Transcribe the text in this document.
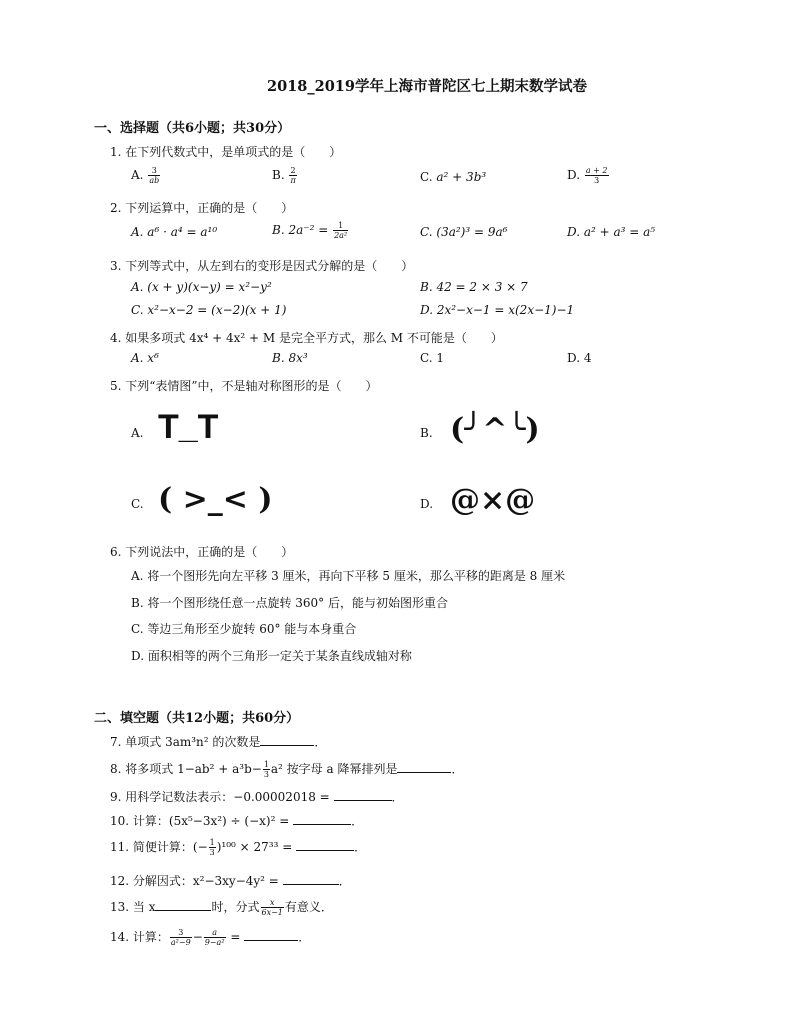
2018_2019学年上海市普陀区七上期末数学试卷
一、选择题（共6小题；共30分）
1. 在下列代数式中，是单项式的是（　　）
A. $\frac{3}{ab}$	B. $\frac{2}{\pi}$	C. a² + 3b³	D. $\frac{a + 2}{3}$
2. 下列运算中，正确的是（　　）
A. a⁶ · a⁴ = a¹⁰	B. $2a^{-2} = \frac{1}{\text{2a²}}$	C. (3a²)³ = 9a⁶	D. a² + a³ = a⁵
3. 下列等式中，从左到右的变形是因式分解的是（　　）
A. (x + y)(x−y) = x²−y²	B. 42 = 2 × 3 × 7
C. x²−x−2 = (x−2)(x + 1)	D. 2x²−x−1 = x(2x−1)−1
4. 如果多项式 4x⁴ + 4x² + M 是完全平方式，那么 M 不可能是（　　）
A. x⁶	B. 8x³	C. 1	D. 4
5. 下列“表情图”中，不是轴对称图形的是（　　）
A. T_T	B. (╯^╰)
C. ( >_< )	D. @×@
6. 下列说法中，正确的是（　　）
A. 将一个图形先向左平移 3 厘米，再向下平移 5 厘米，那么平移的距离是 8 厘米
B. 将一个图形绕任意一点旋转 360° 后，能与初始图形重合
C. 等边三角形至少旋转 60° 能与本身重合
D. 面积相等的两个三角形一定关于某条直线成轴对称
二、填空题（共12小题；共60分）
7. 单项式 3am³n² 的次数是	．
8. 将多项式 $1-ab^2 + a^3b- \frac{1}{3} a^2$ 按字母 a 降幂排列是	．
9. 用科学记数法表示：−0.00002018 =	．
10. 计算：(5x⁵−3x²) ÷ (−x)² =	．
11. 简便计算：(− $\frac{1}{3} )^{100} \times 27^{33}$ =	．
12. 分解因式：x²−3xy−4y² =	．
13. 当 x	时，分式 $\frac{x}{6x-1}$ 有意义．
14. 计算： $\frac{3}{\text{a²−9}} - \frac{a}{\text{9−a²}}$ =	．
